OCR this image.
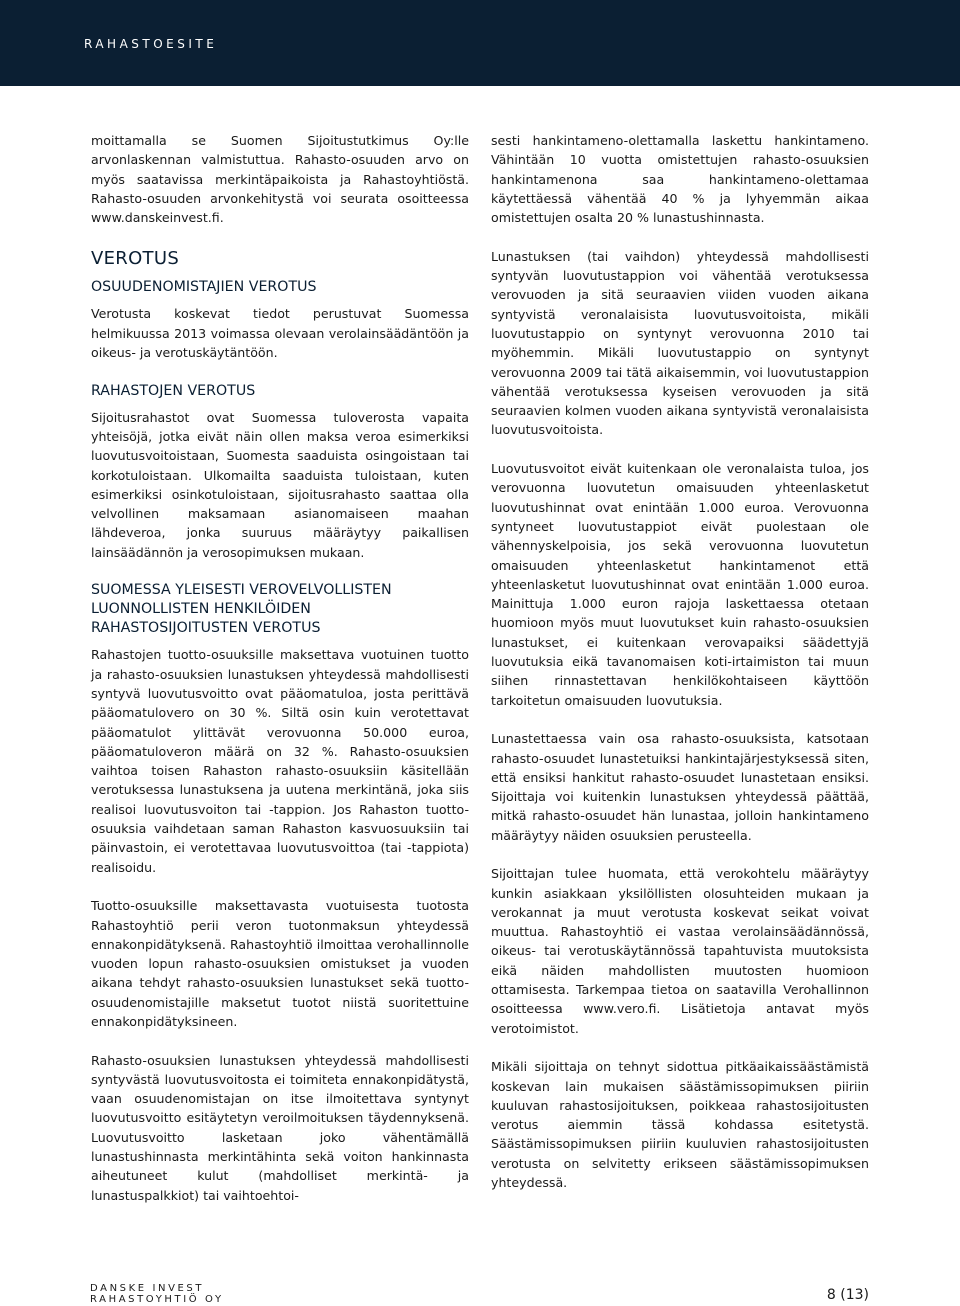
RAHASTOESITE

moittamalla se Suomen Sijoitustutkimus Oy:lle arvonlaskennan valmistuttua. Rahasto-osuuden arvo on myös saatavissa merkintäpaikoista ja Rahastoyhtiöstä. Rahasto-osuuden arvonkehitystä voi seurata osoitteessa www.danskeinvest.fi.

VEROTUS
OSUUDENOMISTAJIEN VEROTUS

Verotusta koskevat tiedot perustuvat Suomessa helmikuussa 2013 voimassa olevaan verolainsäädäntöön ja oikeus- ja verotuskäytäntöön.

RAHASTOJEN VEROTUS

Sijoitusrahastot ovat Suomessa tuloverosta vapaita yhteisöjä, jotka eivät näin ollen maksa veroa esimerkiksi luovutusvoitoistaan, Suomesta saaduista osingoistaan tai korkotuloistaan. Ulkomailta saaduista tuloistaan, kuten esimerkiksi osinkotuloistaan, sijoitusrahasto saattaa olla velvollinen maksamaan asianomaiseen maahan lähdeveroa, jonka suuruus määräytyy paikallisen lainsäädännön ja verosopimuksen mukaan.

SUOMESSA YLEISESTI VEROVELVOLLISTEN LUONNOLLISTEN HENKILÖIDEN RAHASTOSIJOITUSTEN VEROTUS

Rahastojen tuotto-osuuksille maksettava vuotuinen tuotto ja rahasto-osuuksien lunastuksen yhteydessä mahdollisesti syntyvä luovutusvoitto ovat pääomatuloa, josta perittävä pääomatulovero on 30 %. Siltä osin kuin verotettavat pääomatulot ylittävät verovuonna 50.000 euroa, pääomatuloveron määrä on 32 %. Rahasto-osuuksien vaihtoa toisen Rahaston rahasto-osuuksiin käsitellään verotuksessa lunastuksena ja uutena merkintänä, joka siis realisoi luovutusvoiton tai -tappion. Jos Rahaston tuotto-osuuksia vaihdetaan saman Rahaston kasvuosuuksiin tai päinvastoin, ei verotettavaa luovutusvoittoa (tai -tappiota) realisoidu.

Tuotto-osuuksille maksettavasta vuotuisesta tuotosta Rahastoyhtiö perii veron tuotonmaksun yhteydessä ennakonpidätyksenä. Rahastoyhtiö ilmoittaa verohallinnolle vuoden lopun rahasto-osuuksien omistukset ja vuoden aikana tehdyt rahasto-osuuksien lunastukset sekä tuotto-osuudenomistajille maksetut tuotot niistä suoritettuine ennakonpidätyksineen.

Rahasto-osuuksien lunastuksen yhteydessä mahdollisesti syntyvästä luovutusvoitosta ei toimiteta ennakonpidätystä, vaan osuudenomistajan on itse ilmoitettava syntynyt luovutusvoitto esitäytetyn veroilmoituksen täydennyksenä. Luovutusvoitto lasketaan joko vähentämällä lunastushinnasta merkintähinta sekä voiton hankinnasta aiheutuneet kulut (mahdolliset merkintä- ja lunastuspalkkiot) tai vaihtoehtoi-

sesti hankintameno-olettamalla laskettu hankintameno. Vähintään 10 vuotta omistettujen rahasto-osuuksien hankintamenona saa hankintameno-olettamaa käytettäessä vähentää 40 % ja lyhyemmän aikaa omistettujen osalta 20 % lunastushinnasta.

Lunastuksen (tai vaihdon) yhteydessä mahdollisesti syntyvän luovutustappion voi vähentää verotuksessa verovuoden ja sitä seuraavien viiden vuoden aikana syntyvistä veronalaisista luovutusvoitoista, mikäli luovutustappio on syntynyt verovuonna 2010 tai myöhemmin. Mikäli luovutustappio on syntynyt verovuonna 2009 tai tätä aikaisemmin, voi luovutustappion vähentää verotuksessa kyseisen verovuoden ja sitä seuraavien kolmen vuoden aikana syntyvistä veronalaisista luovutusvoitoista.

Luovutusvoitot eivät kuitenkaan ole veronalaista tuloa, jos verovuonna luovutetun omaisuuden yhteenlasketut luovutushinnat ovat enintään 1.000 euroa. Verovuonna syntyneet luovutustappiot eivät puolestaan ole vähennyskelpoisia, jos sekä verovuonna luovutetun omaisuuden yhteenlasketut hankintamenot että yhteenlasketut luovutushinnat ovat enintään 1.000 euroa. Mainittuja 1.000 euron rajoja laskettaessa otetaan huomioon myös muut luovutukset kuin rahasto-osuuksien lunastukset, ei kuitenkaan verovapaiksi säädettyjä luovutuksia eikä tavanomaisen koti-irtaimiston tai muun siihen rinnastettavan henkilökohtaiseen käyttöön tarkoitetun omaisuuden luovutuksia.

Lunastettaessa vain osa rahasto-osuuksista, katsotaan rahasto-osuudet lunastetuiksi hankintajärjestyksessä siten, että ensiksi hankitut rahasto-osuudet lunastetaan ensiksi. Sijoittaja voi kuitenkin lunastuksen yhteydessä päättää, mitkä rahasto-osuudet hän lunastaa, jolloin hankintameno määräytyy näiden osuuksien perusteella.

Sijoittajan tulee huomata, että verokohtelu määräytyy kunkin asiakkaan yksilöllisten olosuhteiden mukaan ja verokannat ja muut verotusta koskevat seikat voivat muuttua. Rahastoyhtiö ei vastaa verolainsäädännössä, oikeus- tai verotuskäytännössä tapahtuvista muutoksista eikä näiden mahdollisten muutosten huomioon ottamisesta. Tarkempaa tietoa on saatavilla Verohallinnon osoitteessa www.vero.fi. Lisätietoja antavat myös verotoimistot.

Mikäli sijoittaja on tehnyt sidottua pitkäaikaissäästämistä koskevan lain mukaisen säästämissopimuksen piiriin kuuluvan rahastosijoituksen, poikkeaa rahastosijoitusten verotus aiemmin tässä kohdassa esitetystä. Säästämissopimuksen piiriin kuuluvien rahastosijoitusten verotusta on selvitetty erikseen säästämissopimuksen yhteydessä.

DANSKE INVEST
RAHASTOYHTIÖ OY	8 (13)
